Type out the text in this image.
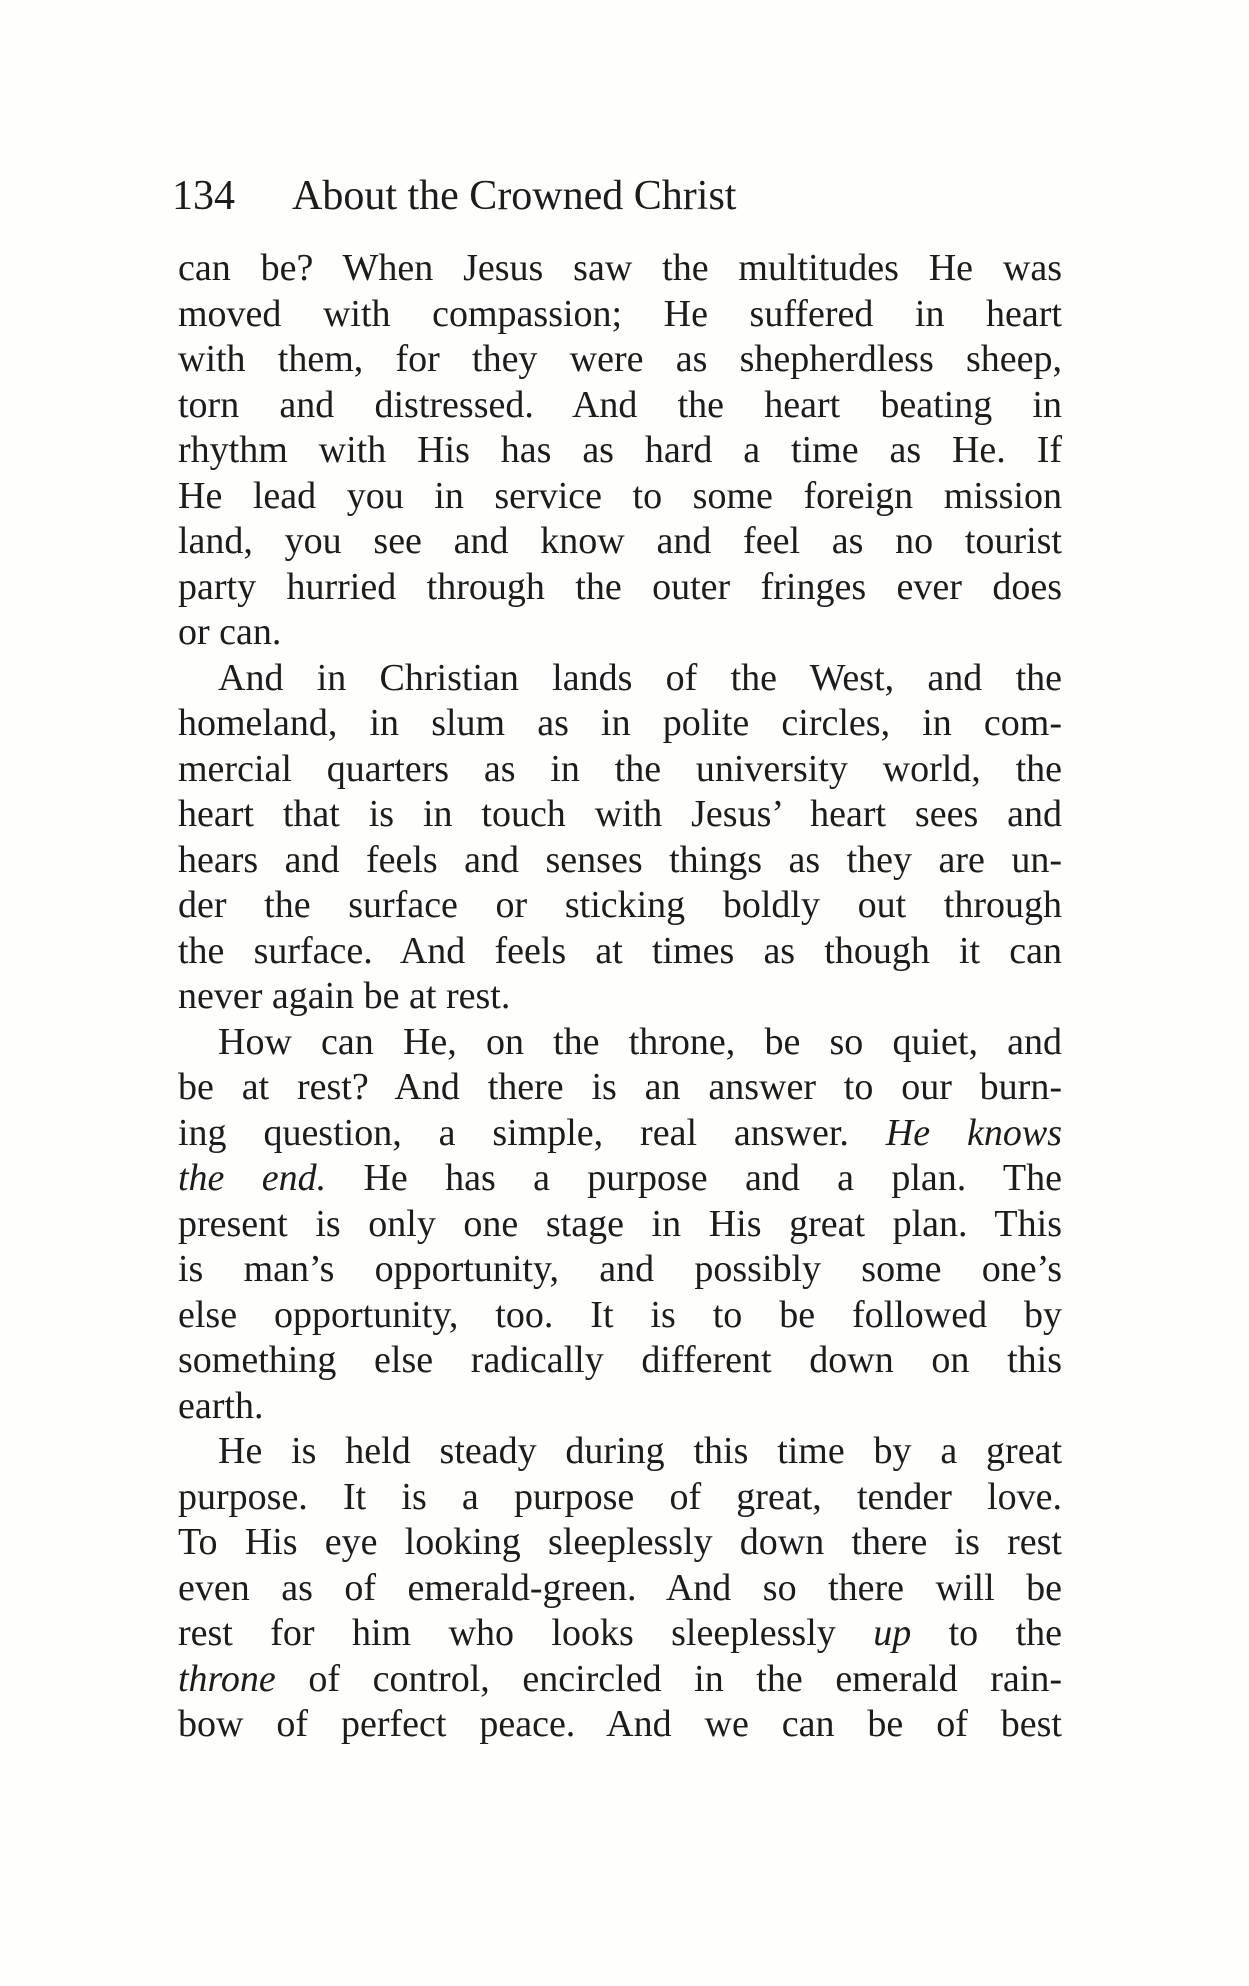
134 About the Crowned Christ
can be? When Jesus saw the multitudes He was
moved with compassion; He suffered in heart
with them, for they were as shepherdless sheep,
torn and distressed. And the heart beating in
rhythm with His has as hard a time as He. If
He lead you in service to some foreign mission
land, you see and know and feel as no tourist
party hurried through the outer fringes ever does
or can.
And in Christian lands of the West, and the
homeland, in slum as in polite circles, in com-
mercial quarters as in the university world, the
heart that is in touch with Jesus’ heart sees and
hears and feels and senses things as they are un-
der the surface or sticking boldly out through
the surface. And feels at times as though it can
never again be at rest.
How can He, on the throne, be so quiet, and
be at rest? And there is an answer to our burn-
ing question, a simple, real answer. He knows
the end. He has a purpose and a plan. The
present is only one stage in His great plan. This
is man’s opportunity, and possibly some one’s
else opportunity, too. It is to be followed by
something else radically different down on this
earth.
He is held steady during this time by a great
purpose. It is a purpose of great, tender love.
To His eye looking sleeplessly down there is rest
even as of emerald-green. And so there will be
rest for him who looks sleeplessly up to the
throne of control, encircled in the emerald rain-
bow of perfect peace. And we can be of best
